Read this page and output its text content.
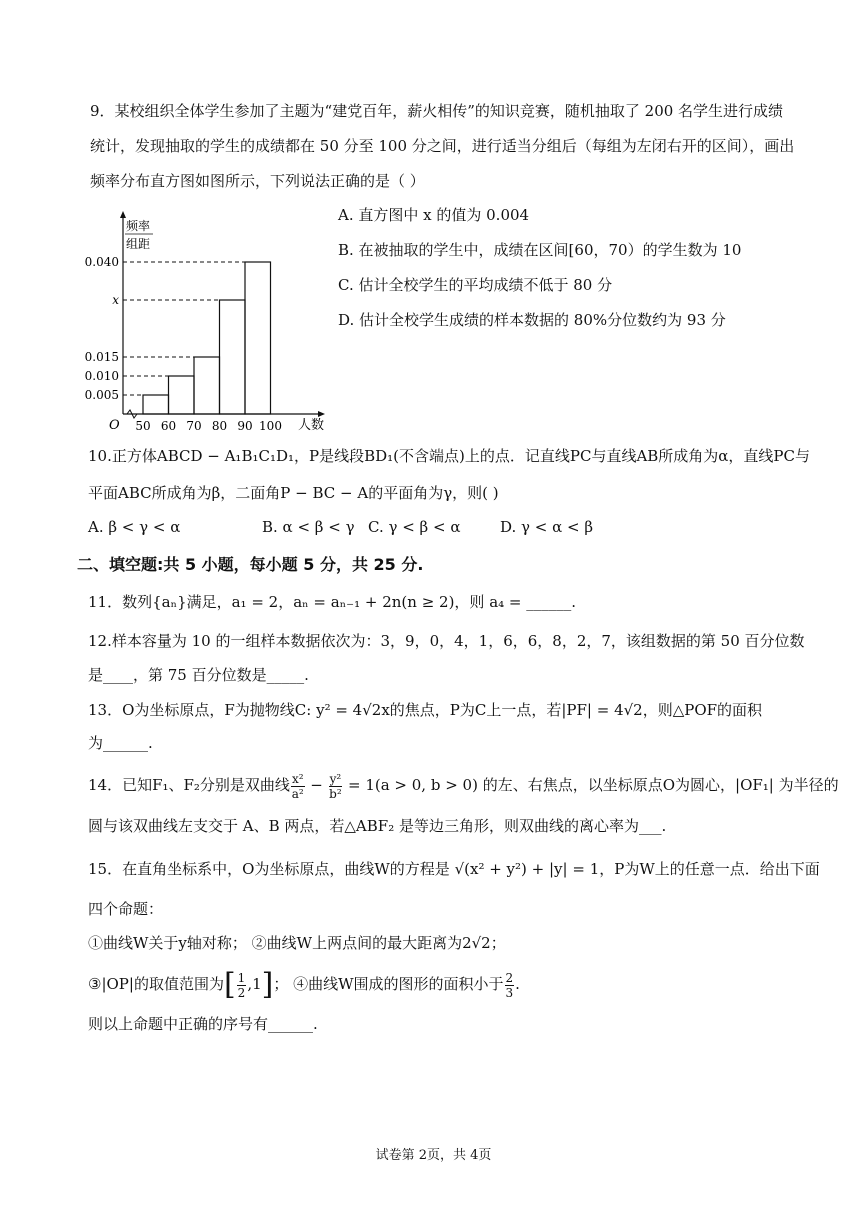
9．某校组织全体学生参加了主题为“建党百年，薪火相传”的知识竞赛，随机抽取了 200 名学生进行成绩
统计，发现抽取的学生的成绩都在 50 分至 100 分之间，进行适当分组后（每组为左闭右开的区间），画出
频率分布直方图如图所示，下列说法正确的是（ ）
频率
组距
人数
O
0.040
x
0.015
0.010
0.005
50 60 70 80 90 100
A. 直方图中 x 的值为 0.004
B. 在被抽取的学生中，成绩在区间[60，70）的学生数为 10
C. 估计全校学生的平均成绩不低于 80 分
D. 估计全校学生成绩的样本数据的 80%分位数约为 93 分
10.正方体ABCD − A₁B₁C₁D₁，P是线段BD₁(不含端点)上的点．记直线PC与直线AB所成角为α，直线PC与
平面ABC所成角为β，二面角P − BC − A的平面角为γ，则( )
A. β < γ < α	B. α < β < γ C. γ < β < α	D. γ < α < β
二、填空题:共 5 小题，每小题 5 分，共 25 分.
11．数列{aₙ}满足，a₁ = 2，aₙ = aₙ₋₁ + 2n(n ≥ 2)，则 a₄ = ______.
12.样本容量为 10 的一组样本数据依次为：3，9，0，4，1，6，6，8，2，7，该组数据的第 50 百分位数
是____，第 75 百分位数是_____.
13．O为坐标原点，F为抛物线C: y² = 4√2x的焦点，P为C上一点，若|PF| = 4√2，则△POF的面积
为______.
14．已知F₁、F₂分别是双曲线 $\frac{\text{x²}}{\text{a²}} - \frac{\text{y²}}{\text{b²}} = 1(a > 0$, b > 0) 的左、右焦点，以坐标原点O为圆心，|OF₁| 为半径的
圆与该双曲线左支交于 A、B 两点，若△ABF₂ 是等边三角形，则双曲线的离心率为___.
15．在直角坐标系中，O为坐标原点，曲线W的方程是 √(x² + y²) + |y| = 1，P为W上的任意一点．给出下面
四个命题：
①曲线W关于y轴对称； ②曲线W上两点间的最大距离为2√2；
③|OP|的取值范围为[ $\frac{1}{2} ,1$]； ④曲线W围成的图形的面积小于 $\frac{2}{3}$ .
则以上命题中正确的序号有______.
试卷第 2页，共 4页
